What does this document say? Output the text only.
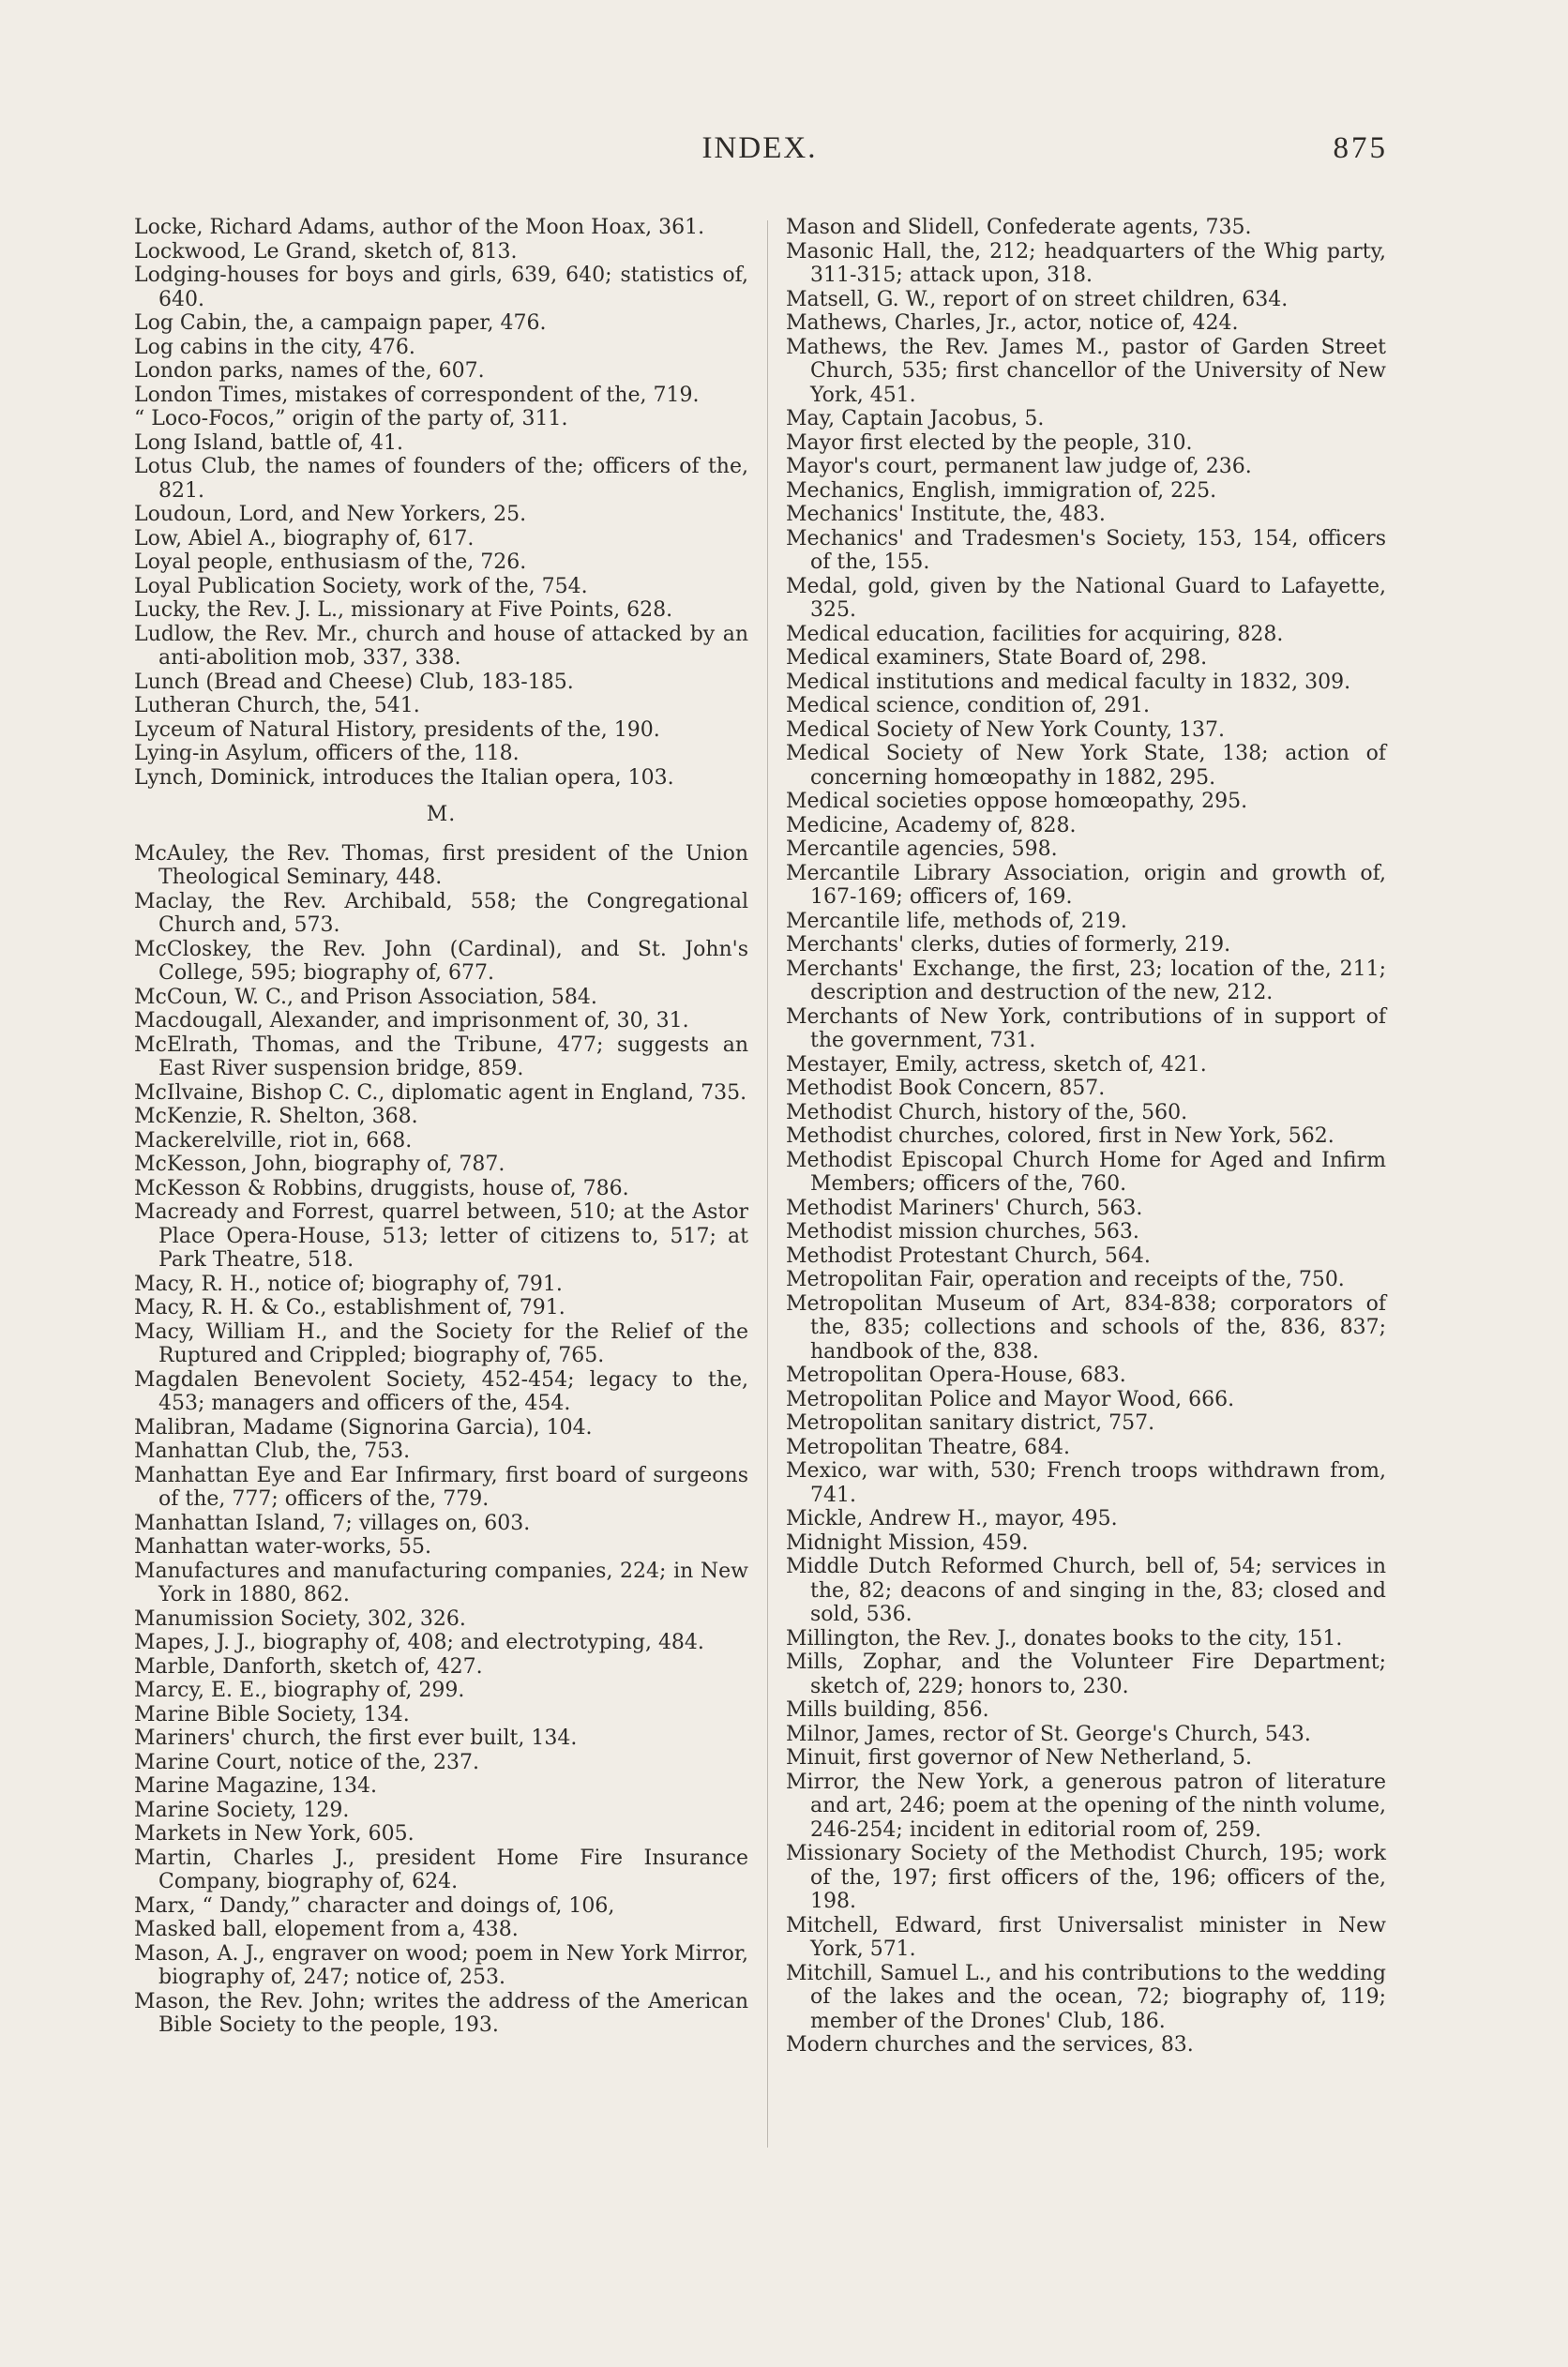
INDEX.	875

Locke, Richard Adams, author of the Moon Hoax, 361.

Lockwood, Le Grand, sketch of, 813.

Lodging-houses for boys and girls, 639, 640; statistics of, 640.

Log Cabin, the, a campaign paper, 476.

Log cabins in the city, 476.

London parks, names of the, 607.

London Times, mistakes of correspondent of the, 719.

“ Loco-Focos,” origin of the party of, 311.

Long Island, battle of, 41.

Lotus Club, the names of founders of the; officers of the, 821.

Loudoun, Lord, and New Yorkers, 25.

Low, Abiel A., biography of, 617.

Loyal people, enthusiasm of the, 726.

Loyal Publication Society, work of the, 754.

Lucky, the Rev. J. L., missionary at Five Points, 628.

Ludlow, the Rev. Mr., church and house of attacked by an anti-abolition mob, 337, 338.

Lunch (Bread and Cheese) Club, 183-185.

Lutheran Church, the, 541.

Lyceum of Natural History, presidents of the, 190.

Lying-in Asylum, officers of the, 118.

Lynch, Dominick, introduces the Italian opera, 103.

M.

McAuley, the Rev. Thomas, first president of the Union Theological Seminary, 448.

Maclay, the Rev. Archibald, 558; the Congregational Church and, 573.

McCloskey, the Rev. John (Cardinal), and St. John's College, 595; biography of, 677.

McCoun, W. C., and Prison Association, 584.

Macdougall, Alexander, and imprisonment of, 30, 31.

McElrath, Thomas, and the Tribune, 477; suggests an East River suspension bridge, 859.

McIlvaine, Bishop C. C., diplomatic agent in England, 735.

McKenzie, R. Shelton, 368.

Mackerelville, riot in, 668.

McKesson, John, biography of, 787.

McKesson & Robbins, druggists, house of, 786.

Macready and Forrest, quarrel between, 510; at the Astor Place Opera-House, 513; letter of citizens to, 517; at Park Theatre, 518.

Macy, R. H., notice of; biography of, 791.

Macy, R. H. & Co., establishment of, 791.

Macy, William H., and the Society for the Relief of the Ruptured and Crippled; biography of, 765.

Magdalen Benevolent Society, 452-454; legacy to the, 453; managers and officers of the, 454.

Malibran, Madame (Signorina Garcia), 104.

Manhattan Club, the, 753.

Manhattan Eye and Ear Infirmary, first board of surgeons of the, 777; officers of the, 779.

Manhattan Island, 7; villages on, 603.

Manhattan water-works, 55.

Manufactures and manufacturing companies, 224; in New York in 1880, 862.

Manumission Society, 302, 326.

Mapes, J. J., biography of, 408; and electrotyping, 484.

Marble, Danforth, sketch of, 427.

Marcy, E. E., biography of, 299.

Marine Bible Society, 134.

Mariners' church, the first ever built, 134.

Marine Court, notice of the, 237.

Marine Magazine, 134.

Marine Society, 129.

Markets in New York, 605.

Martin, Charles J., president Home Fire Insurance Company, biography of, 624.

Marx, “ Dandy,” character and doings of, 106,

Masked ball, elopement from a, 438.

Mason, A. J., engraver on wood; poem in New York Mirror, biography of, 247; notice of, 253.

Mason, the Rev. John; writes the address of the American Bible Society to the people, 193.

Mason and Slidell, Confederate agents, 735.

Masonic Hall, the, 212; headquarters of the Whig party, 311-315; attack upon, 318.

Matsell, G. W., report of on street children, 634.

Mathews, Charles, Jr., actor, notice of, 424.

Mathews, the Rev. James M., pastor of Garden Street Church, 535; first chancellor of the University of New York, 451.

May, Captain Jacobus, 5.

Mayor first elected by the people, 310.

Mayor's court, permanent law judge of, 236.

Mechanics, English, immigration of, 225.

Mechanics' Institute, the, 483.

Mechanics' and Tradesmen's Society, 153, 154, officers of the, 155.

Medal, gold, given by the National Guard to Lafayette, 325.

Medical education, facilities for acquiring, 828.

Medical examiners, State Board of, 298.

Medical institutions and medical faculty in 1832, 309.

Medical science, condition of, 291.

Medical Society of New York County, 137.

Medical Society of New York State, 138; action of concerning homœopathy in 1882, 295.

Medical societies oppose homœopathy, 295.

Medicine, Academy of, 828.

Mercantile agencies, 598.

Mercantile Library Association, origin and growth of, 167-169; officers of, 169.

Mercantile life, methods of, 219.

Merchants' clerks, duties of formerly, 219.

Merchants' Exchange, the first, 23; location of the, 211; description and destruction of the new, 212.

Merchants of New York, contributions of in support of the government, 731.

Mestayer, Emily, actress, sketch of, 421.

Methodist Book Concern, 857.

Methodist Church, history of the, 560.

Methodist churches, colored, first in New York, 562.

Methodist Episcopal Church Home for Aged and Infirm Members; officers of the, 760.

Methodist Mariners' Church, 563.

Methodist mission churches, 563.

Methodist Protestant Church, 564.

Metropolitan Fair, operation and receipts of the, 750.

Metropolitan Museum of Art, 834-838; corporators of the, 835; collections and schools of the, 836, 837; handbook of the, 838.

Metropolitan Opera-House, 683.

Metropolitan Police and Mayor Wood, 666.

Metropolitan sanitary district, 757.

Metropolitan Theatre, 684.

Mexico, war with, 530; French troops withdrawn from, 741.

Mickle, Andrew H., mayor, 495.

Midnight Mission, 459.

Middle Dutch Reformed Church, bell of, 54; services in the, 82; deacons of and singing in the, 83; closed and sold, 536.

Millington, the Rev. J., donates books to the city, 151.

Mills, Zophar, and the Volunteer Fire Department; sketch of, 229; honors to, 230.

Mills building, 856.

Milnor, James, rector of St. George's Church, 543.

Minuit, first governor of New Netherland, 5.

Mirror, the New York, a generous patron of literature and art, 246; poem at the opening of the ninth volume, 246-254; incident in editorial room of, 259.

Missionary Society of the Methodist Church, 195; work of the, 197; first officers of the, 196; officers of the, 198.

Mitchell, Edward, first Universalist minister in New York, 571.

Mitchill, Samuel L., and his contributions to the wedding of the lakes and the ocean, 72; biography of, 119; member of the Drones' Club, 186.

Modern churches and the services, 83.
